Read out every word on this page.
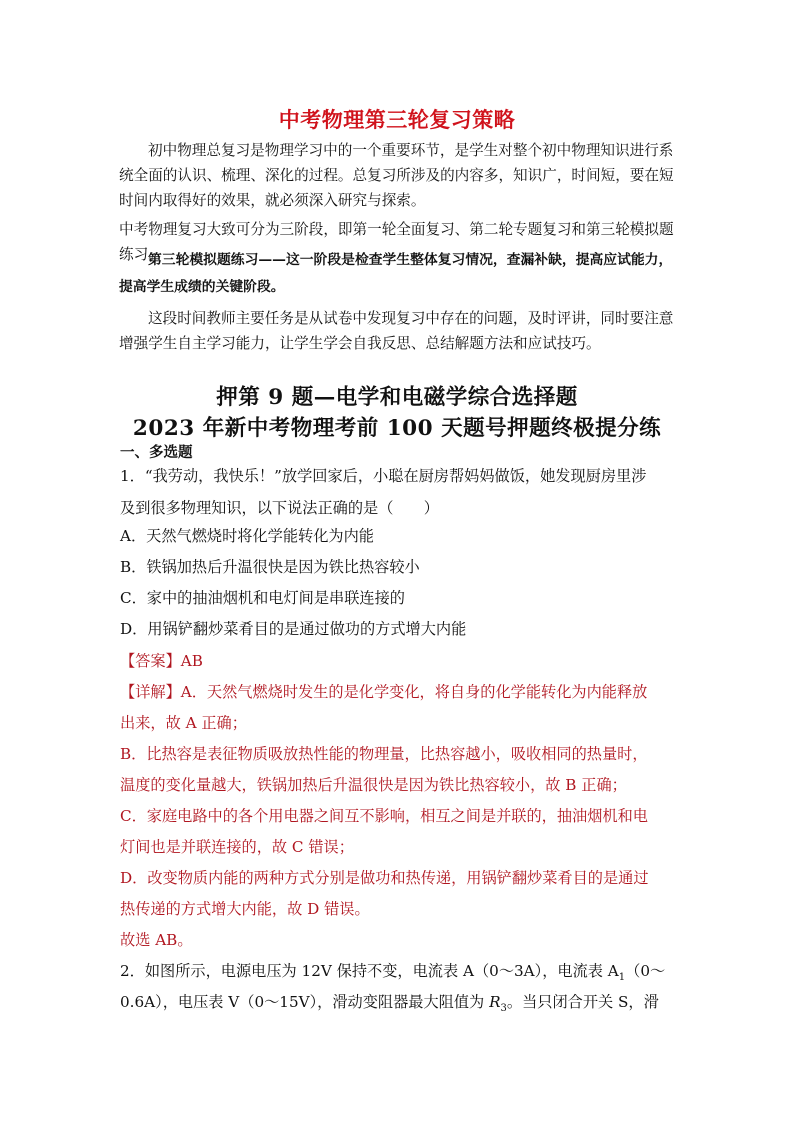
中考物理第三轮复习策略
初中物理总复习是物理学习中的一个重要环节，是学生对整个初中物理知识进行系统全面的认识、梳理、深化的过程。总复习所涉及的内容多，知识广，时间短，要在短时间内取得好的效果，就必须深入研究与探索。
中考物理复习大致可分为三阶段，即第一轮全面复习、第二轮专题复习和第三轮模拟题练习。
第三轮模拟题练习——这一阶段是检查学生整体复习情况，查漏补缺，提高应试能力，提高学生成绩的关键阶段。
这段时间教师主要任务是从试卷中发现复习中存在的问题，及时评讲，同时要注意增强学生自主学习能力，让学生学会自我反思、总结解题方法和应试技巧。
押第 9 题—电学和电磁学综合选择题
2023 年新中考物理考前 100 天题号押题终极提分练
一、多选题
1．“我劳动，我快乐！”放学回家后，小聪在厨房帮妈妈做饭，她发现厨房里涉
及到很多物理知识，以下说法正确的是（　　）
A．天然气燃烧时将化学能转化为内能
B．铁锅加热后升温很快是因为铁比热容较小
C．家中的抽油烟机和电灯间是串联连接的
D．用锅铲翻炒菜肴目的是通过做功的方式增大内能
【答案】AB
【详解】A．天然气燃烧时发生的是化学变化，将自身的化学能转化为内能释放
出来，故 A 正确；
B．比热容是表征物质吸放热性能的物理量，比热容越小，吸收相同的热量时，
温度的变化量越大，铁锅加热后升温很快是因为铁比热容较小，故 B 正确；
C．家庭电路中的各个用电器之间互不影响，相互之间是并联的，抽油烟机和电
灯间也是并联连接的，故 C 错误；
D．改变物质内能的两种方式分别是做功和热传递，用锅铲翻炒菜肴目的是通过
热传递的方式增大内能，故 D 错误。
故选 AB。
2．如图所示，电源电压为 12V 保持不变，电流表 A（0～3A），电流表 $A_1(0\sim$
0.6A），电压表 V（0～15V），滑动变阻器最大阻值为 $R_3$。当只闭合开关 S，滑
